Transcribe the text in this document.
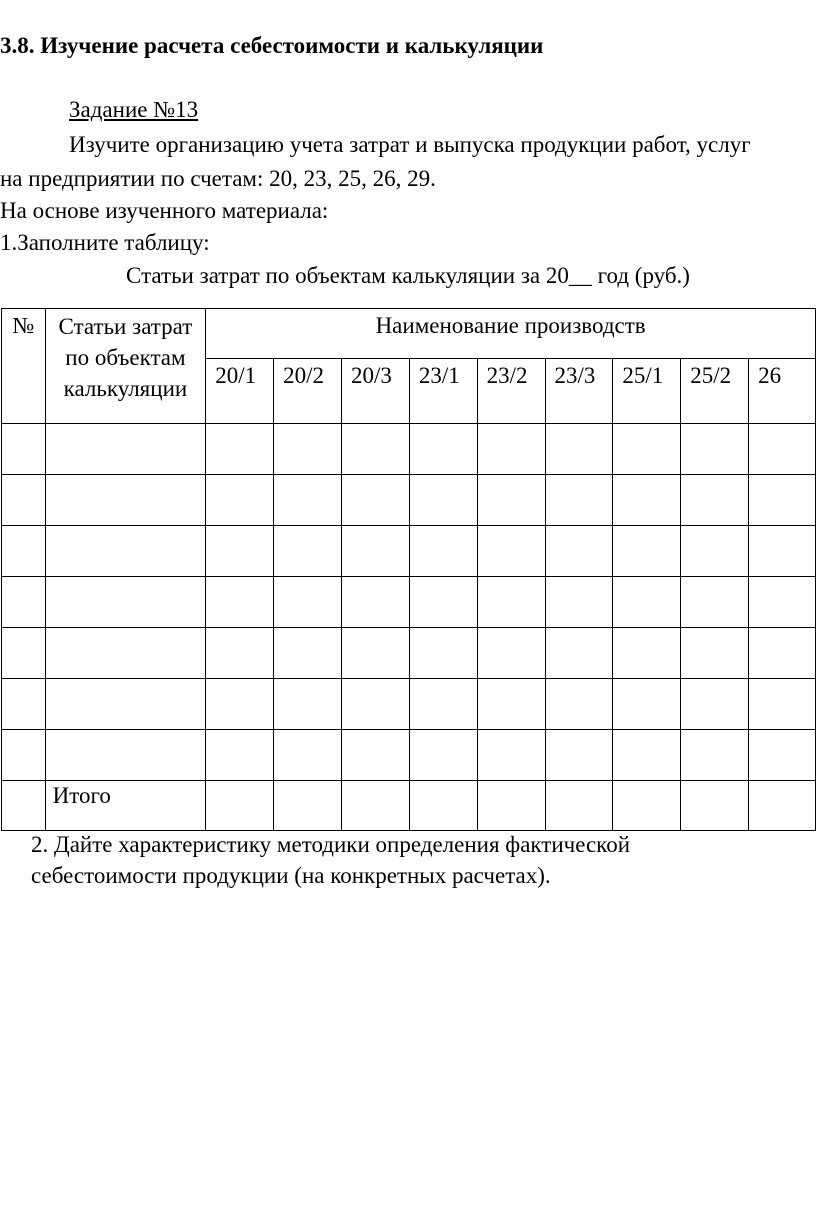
3.8. Изучение расчета себестоимости и калькуляции
Задание №13
Изучите организацию учета затрат и выпуска продукции работ, услуг
на предприятии по счетам: 20, 23, 25, 26, 29.
На основе изученного материала:
1.Заполните таблицу:
Статьи затрат по объектам калькуляции за 20__ год (руб.)
№	Статьи затрат
по объектам
калькуляции	Наименование производств								
		20/1	20/2	20/3	23/1	23/2	23/3	25/1	25/2	26

	Итого									
2. Дайте характеристику методики определения фактической
себестоимости продукции (на конкретных расчетах).
